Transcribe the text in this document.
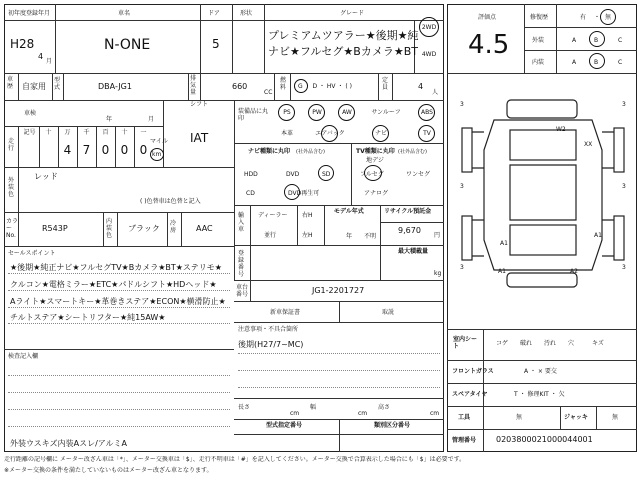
初年度登録年月
H28
4
月
車名
N-ONE
ドア
5
形状	グレード
プレミアムツアラー★後期★純
ナビ★フルセグ★Bカメラ★BT
2WD
4WD
車歴	自家用
型式	DBA-JG1
排気量
660
CC
燃料	G ・ D ・ HV ・ ( )
定員	4
人
車検
年	月
シフト
IAT
走行
記号	十	万	千	百	十	一
4 7 0 0 0
マイル
km
外装色
レッド
( )色替車は色替と記入
カラーNo.
R543P
内装色
ブラック
冷房 AAC
セールスポイント
★後期★純正ナビ★フルセグTV★Bカメラ★BT★ステリモ★
クルコン★電格ミラー★ETC★パドルシフト★HDヘッド★
Aライト★スマートキー★革巻きステア★ECON★横滑防止★
チルトステア★シートリフター★純15AW★
検査記入欄
外装ウスキズ内装Aスレ/アルミA
装備品に丸印
PS	PW	AW	サンルーフ	ABS
本革	エアバック	ナビ	TV
ナビ種類に丸印 (社外品含む)
HDD	DVD	SD
CD	DVD再生可
TV種類に丸印 (社外品含む)
地デジ
フルセグ	ワンセグ
アナログ
輸入車
ディーラー
並行
右H
左H
モデル年式
年 不明
リサイクル預託金
9,670
円
最大積載量
kg
登録番号
車台番号	JG1-2201727
新車保証書	取説
注意事項・不具合箇所
後期(H27/7~MC)
長さ
cm
幅
cm
高さ
cm
型式指定番号	類別区分番号
評価点
4.5
修復歴	有 ・ 無
外装	A	B	C
内装	A	B	C
3	3
3	3
3	3
W2
XX
A1
A1
A1	A2
室内シート	コゲ 破れ 汚れ 穴	キズ
フロントガラス	A ・ × 要交
スペアタイヤ	T ・ 修理KIT ・ 欠
工具	無	ジャッキ	無
管理番号 0203800021000044001
走行距離の記号欄に メーター改ざん車は「*」、メーター交換車は「$」、走行不明車は「#」を記入してください。メーター交換で合算表示した場合にも「$」は必要です。
※メーター交換の条件を満たしていないものはメーター改ざん車となります。
